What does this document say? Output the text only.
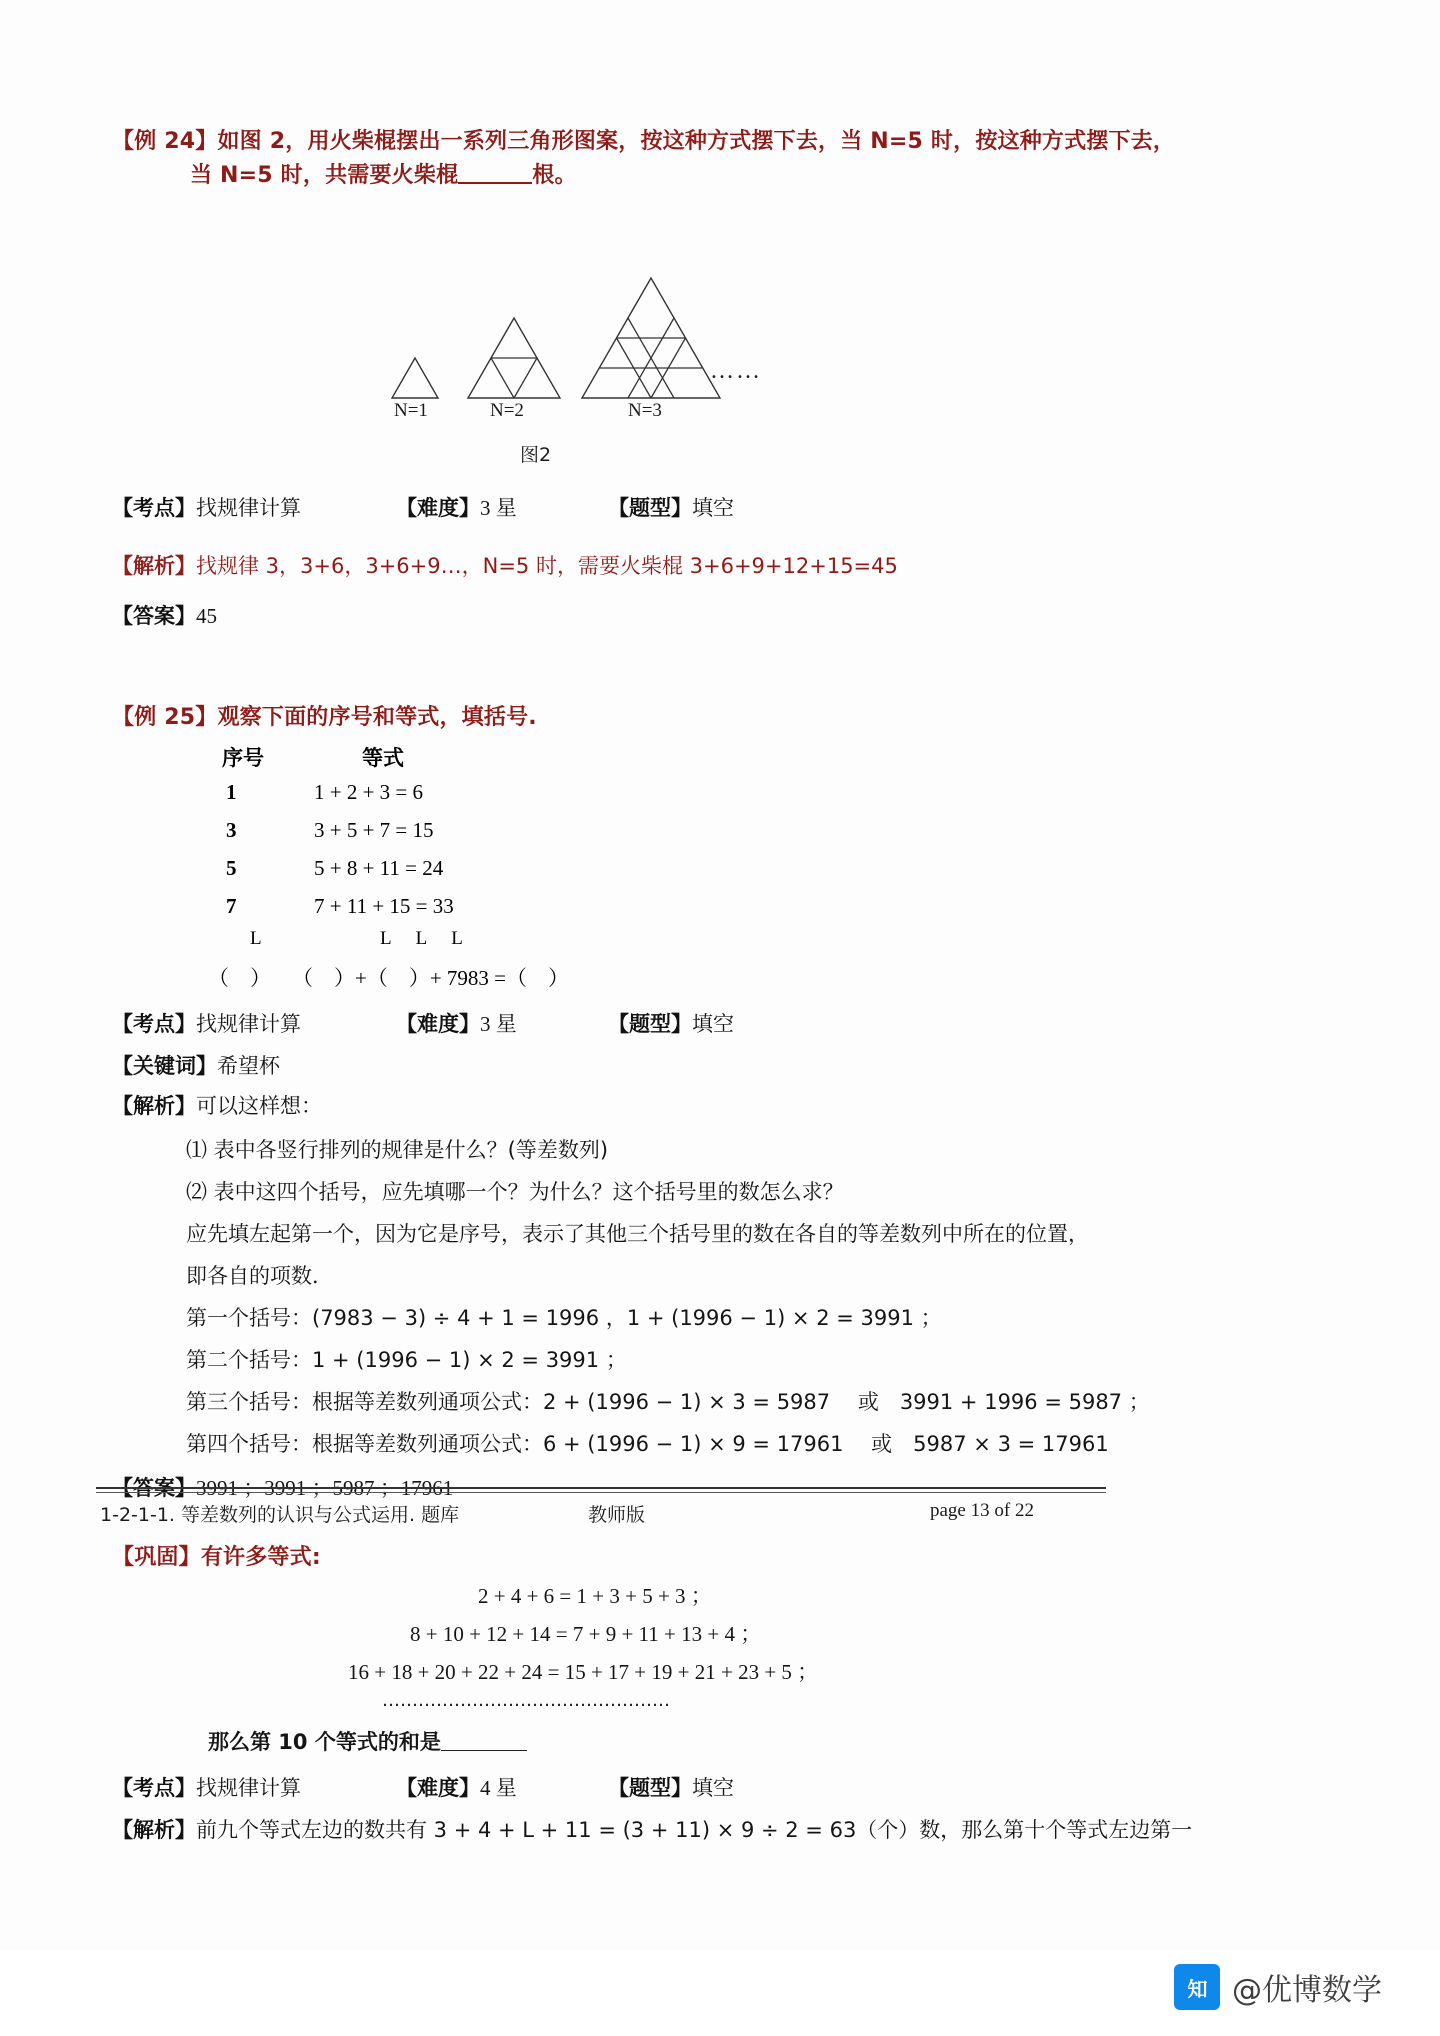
【例 24】如图 2，用火柴棍摆出一系列三角形图案，按这种方式摆下去，当 N=5 时，按这种方式摆下去，
当 N=5 时，共需要火柴棍	根。
N=1	N=2	N=3
……
图2
【考点】找规律计算	【难度】3 星	【题型】填空
【解析】找规律 3，3+6，3+6+9…，N=5 时，需要火柴棍 3+6+9+12+15=45
【答案】45
【例 25】观察下面的序号和等式，填括号.
序号	等式
1	1 + 2 + 3 = 6
3	3 + 5 + 7 = 15
5	5 + 8 + 11 = 24
7	7 + 11 + 15 = 33
L	L L L
（　）　　（　）+（　）+ 7983 =（　）
【考点】找规律计算	【难度】3 星	【题型】填空
【关键词】希望杯
【解析】可以这样想：
⑴ 表中各竖行排列的规律是什么？(等差数列)
⑵ 表中这四个括号，应先填哪一个？为什么？这个括号里的数怎么求？
应先填左起第一个，因为它是序号，表示了其他三个括号里的数在各自的等差数列中所在的位置，
即各自的项数．
第一个括号：(7983 − 3) ÷ 4 + 1 = 1996 ，1 + (1996 − 1) × 2 = 3991 ；
第二个括号：1 + (1996 − 1) × 2 = 3991 ；
第三个括号：根据等差数列通项公式：2 + (1996 − 1) × 3 = 5987 　或　3991 + 1996 = 5987 ；
第四个括号：根据等差数列通项公式：6 + (1996 − 1) × 9 = 17961 　或　5987 × 3 = 17961
【答案】3991 ；3991 ；5987 ；17961
【巩固】有许多等式:
2 + 4 + 6 = 1 + 3 + 5 + 3 ；
8 + 10 + 12 + 14 = 7 + 9 + 11 + 13 + 4 ；
16 + 18 + 20 + 22 + 24 = 15 + 17 + 19 + 21 + 23 + 5 ；
…………………………………………
那么第 10 个等式的和是
【考点】找规律计算	【难度】4 星	【题型】填空
【解析】前九个等式左边的数共有 3 + 4 + L + 11 = (3 + 11) × 9 ÷ 2 = 63（个）数，那么第十个等式左边第一
1-2-1-1. 等差数列的认识与公式运用. 题库	教师版	page 13 of 22
知 @优博数学
